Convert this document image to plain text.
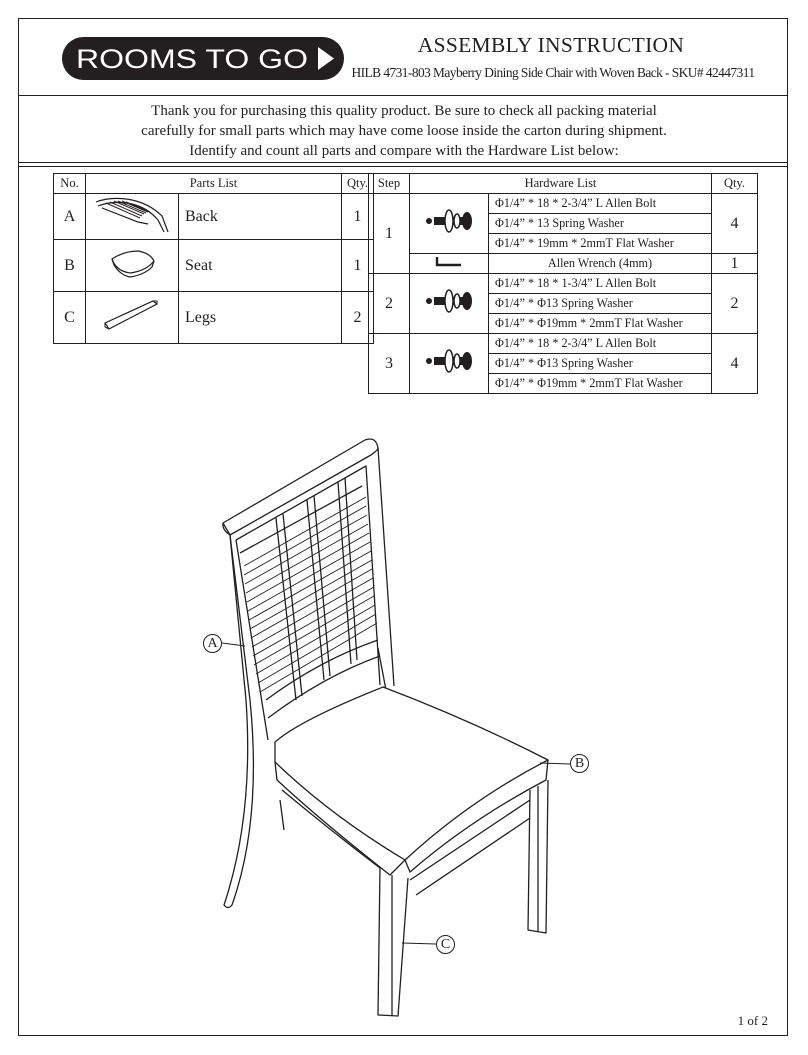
ROOMS TO GO	ASSEMBLY INSTRUCTION
HILB 4731-803 Mayberry Dining Side Chair with Woven Back - SKU# 42447311
Thank you for purchasing this quality product. Be sure to check all packing material
carefully for small parts which may have come loose inside the carton during shipment.
Identify and count all parts and compare with the Hardware List below:
No.	Parts List		Qty.
A		Back	1
B		Seat	1
C		Legs	2
Step	Hardware List		Qty.
1		Φ1/4” * 18 * 2-3/4” L Allen Bolt	4
		Φ1/4” * 13 Spring Washer	
		Φ1/4” * 19mm * 2mmT Flat Washer	
	Allen Wrench (4mm)	1
2		Φ1/4” * 18 * 1-3/4” L Allen Bolt	2
		Φ1/4” * Φ13 Spring Washer	
		Φ1/4” * Φ19mm * 2mmT Flat Washer	
3		Φ1/4” * 18 * 2-3/4” L Allen Bolt	4
		Φ1/4” * Φ13 Spring Washer	
		Φ1/4” * Φ19mm * 2mmT Flat Washer	
A
B
C
1 of 2
